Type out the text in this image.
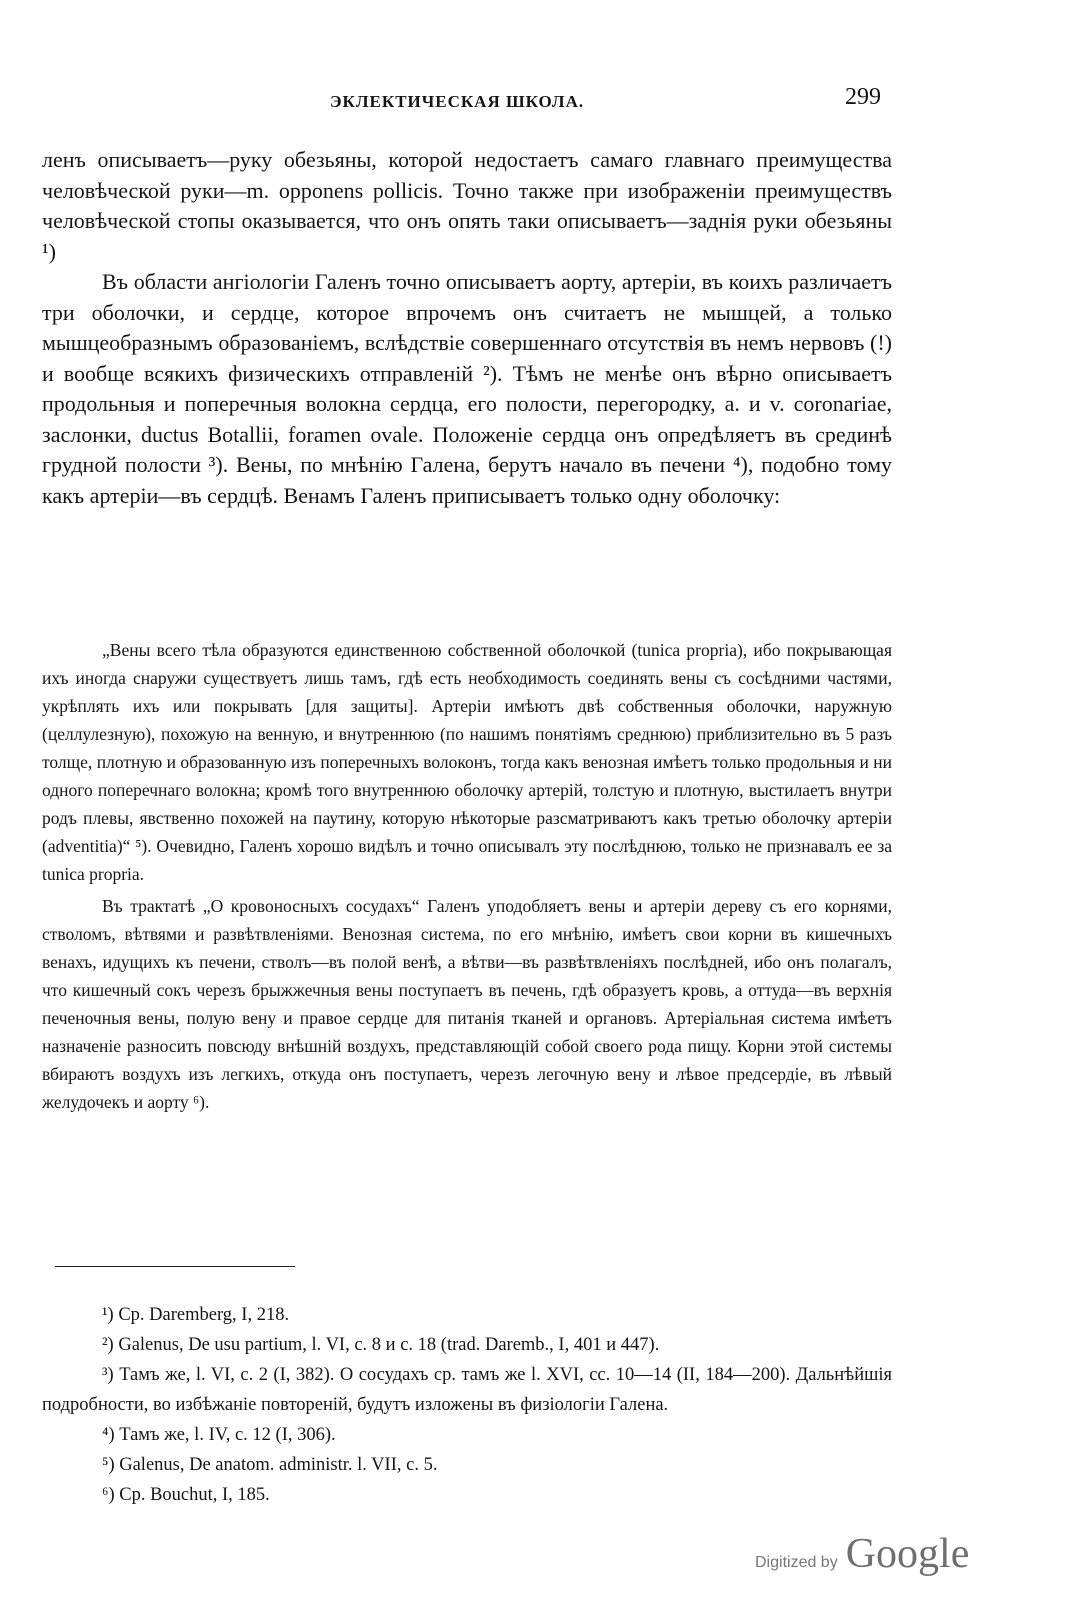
ЭКЛЕКТИЧЕСКАЯ ШКОЛА.	299

ленъ описываетъ—руку обезьяны, которой недостаетъ самаго главнаго преимущества человѣческой руки—m. opponens pollicis. Точно также при изображеніи преимуществъ человѣческой стопы оказывается, что онъ опять таки описываетъ—заднія руки обезьяны ¹)

Въ области ангіологіи Галенъ точно описываетъ аорту, артеріи, въ коихъ различаетъ три оболочки, и сердце, которое впрочемъ онъ считаетъ не мышцей, а только мышцеобразнымъ образованіемъ, вслѣдствіе совершеннаго отсутствія въ немъ нервовъ (!) и вообще всякихъ физическихъ отправленій ²). Тѣмъ не менѣе онъ вѣрно описываетъ продольныя и поперечныя волокна сердца, его полости, перегородку, a. и v. coronariae, заслонки, ductus Botallii, foramen ovale. Положеніе сердца онъ опредѣляетъ въ срединѣ грудной полости ³). Вены, по мнѣнію Галена, берутъ начало въ печени ⁴), подобно тому какъ артеріи—въ сердцѣ. Венамъ Галенъ приписываетъ только одну оболочку:

„Вены всего тѣла образуются единственною собственной оболочкой (tunica propria), ибо покрывающая ихъ иногда снаружи существуетъ лишь тамъ, гдѣ есть необходимость соединять вены съ сосѣдними частями, укрѣплять ихъ или покрывать [для защиты]. Артеріи имѣютъ двѣ собственныя оболочки, наружную (целлулезную), похожую на венную, и внутреннюю (по нашимъ понятіямъ среднюю) приблизительно въ 5 разъ толще, плотную и образованную изъ поперечныхъ волоконъ, тогда какъ венозная имѣетъ только продольныя и ни одного поперечнаго волокна; кромѣ того внутреннюю оболочку артерій, толстую и плотную, выстилаетъ внутри родъ плевы, явственно похожей на паутину, которую нѣкоторые разсматриваютъ какъ третью оболочку артеріи (adventitia)“ ⁵). Очевидно, Галенъ хорошо видѣлъ и точно описывалъ эту послѣднюю, только не признавалъ ее за tunica propria.

Въ трактатѣ „О кровоносныхъ сосудахъ“ Галенъ уподобляетъ вены и артеріи дереву съ его корнями, стволомъ, вѣтвями и развѣтвленіями. Венозная система, по его мнѣнію, имѣетъ свои корни въ кишечныхъ венахъ, идущихъ къ печени, стволъ—въ полой венѣ, а вѣтви—въ развѣтвленіяхъ послѣдней, ибо онъ полагалъ, что кишечный сокъ черезъ брыжжечныя вены поступаетъ въ печень, гдѣ образуетъ кровь, а оттуда—въ верхнія печеночныя вены, полую вену и правое сердце для питанія тканей и органовъ. Артеріальная система имѣетъ назначеніе разносить повсюду внѣшній воздухъ, представляющій собой своего рода пищу. Корни этой системы вбираютъ воздухъ изъ легкихъ, откуда онъ поступаетъ, черезъ легочную вену и лѣвое предсердіе, въ лѣвый желудочекъ и аорту ⁶).

¹) Cp. Daremberg, I, 218.

²) Galenus, De usu partium, l. VI, c. 8 и c. 18 (trad. Daremb., I, 401 и 447).

³) Тамъ же, l. VI, c. 2 (I, 382). О сосудахъ ср. тамъ же l. XVI, cc. 10—14 (II, 184—200). Дальнѣйшія подробности, во избѣжаніе повтореній, будутъ изложены въ физіологіи Галена.

⁴) Тамъ же, l. IV, c. 12 (I, 306).

⁵) Galenus, De anatom. administr. l. VII, c. 5.

⁶) Cp. Bouchut, I, 185.

Digitized by Google
